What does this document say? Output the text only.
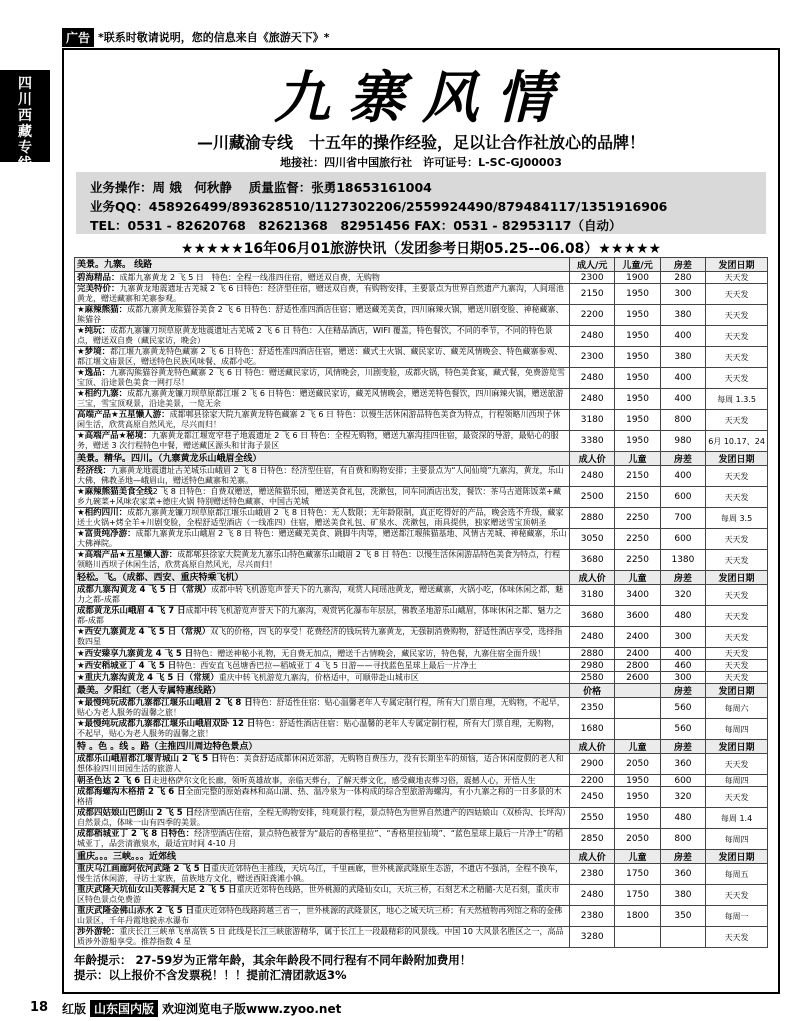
广告 *联系时敬请说明，您的信息来自《旅游天下》*
四
川
西
藏
专
线
九寨风情
—川藏渝专线　十五年的操作经验，足以让合作社放心的品牌！
地接社：四川省中国旅行社　许可证号：L-SC-GJ00003
业务操作：周 娥　何秋静　 质量监督：张勇18653161004
业务QQ：458926499/893628510/1127302206/2559924490/879484117/1351916906
TEL：0531 - 82620768　82621368　82951456 FAX：0531 - 82953117（自动）
★★★★★16年06月01旅游快讯（发团参考日期05.25--06.08）★★★★★
美景。九寨。 线路	成人/元	儿童/元	房差	发团日期
碧海精品：成都九寨黄龙 2 飞 5 日　特色：全程一线准四住宿，赠送双自费，无购物	2300	1900	280	天天发
完美特价：九寨黄龙地震遗址古羌城 2 飞 6 日特色：经济型住宿，赠送双自费，有购物安排，主要景点为世界自然遗产九寨沟，人间瑶池黄龙，赠送藏寨和羌寨参观。	2150	1950	300	天天发
★麻辣熊猫：成都九寨黄龙熊猫谷美食 2 飞 6 日特色：舒适性准四酒店住宿；赠送藏羌美食，四川麻辣火锅，赠送川剧变脸、神秘藏寨、熊猫谷	2200	1950	380	天天发
★纯玩：成都九寨镰刀坝草原黄龙地震遗址古羌城 2 飞 6 日 特色：入住精品酒店，WIFI 覆盖，特色餐饮，不同的季节，不同的特色景点，赠送双自费（藏民家访，晚会）	2480	1950	400	天天发
★梦境：都江堰九寨黄龙特色藏寨 2 飞 6 日特色：舒适性准四酒店住宿，赠送：藏式土火锅、藏民家访、藏羌风情晚会、特色藏寨参观、都江堰文庙景区，赠送特色民族风味餐、成都小吃。	2300	1950	380	天天发
★逸品：九寨沟熊猫谷黄龙特色藏寨 2 飞 6 日 特色：赠送藏民家访，风情晚会，川剧变脸，成都火锅，特色美食宴，藏式餐，免费游览雪宝顶、沿途景色美食一网打尽！	2480	1950	400	天天发
★相约九寨：成都九寨黄龙镰刀坝草原都江堰 2 飞 6 日特色：赠送藏民家访，藏羌风情晚会，赠送羌特色餐饮，四川麻辣火锅，赠送旅游三宝，雪宝顶观景，沿途美景，一览无余	2480	1950	400	每周 1.3.5
高端产品★五星懒人游：成都郫县徐家大院九寨黄龙特色藏寨 2 飞 6 日 特色：以慢生活休闲游品特色美食为特点，行程领略川西坝子休闲生活，欣赏高原自然风光，尽兴而归！	3180	1950	800	天天发
★高端产品★秘境：九寨黄龙都江堰宽窄巷子地震遗址 2 飞 6 日 特色：全程无购物，赠送九寨沟挂四住宿，最资深的导游，最贴心的服务，赠送 3 次行程特色中餐，赠送藏区源头和甘海子景区	3380	1950	980	6月 10.17、24
美景。精华。四川。（九寨黄龙乐山峨眉全线）	成人价	儿童	房差	发团日期
经济线：九寨黄龙地震遗址古羌城乐山峨眉 2 飞 8 日特色：经济型住宿，有自费和购物安排；主要景点为“人间仙境”九寨沟，黄龙，乐山大佛，佛教圣地—峨眉山，赠送特色藏寨和羌寨。	2480	2150	400	天天发
★麻辣熊猫美食全线2 飞 8 日特色：自费双赠送，赠送熊猫乐园，赠送美食礼包，洗漱包，同车同酒店出发，餐饮：茶马古道陈饭菜+藏乡九碗菜+风味农家菜+德庄火锅 特别赠送特色藏寨、中国古羌城	2500	2150	600	天天发
★相约四川：成都九寨黄龙镰刀坝草原都江堰乐山峨眉 2 飞 8 日特色：无人数限；无年龄限制，真正吃得好的产品，晚会选不升级，藏家送土火锅+烤全羊+川剧变脸，全程舒适型酒店（一线准四）住宿，赠送美食礼包、矿泉水、洗漱包，雨具提供，独家赠送雪宝顶朝圣	2880	2250	700	每周 3.5
★富贵纯净游：成都九寨黄龙乐山峨眉 2 飞 8 日 特色：赠送藏羌美食、跳脚牛肉等，赠送都江堰熊猫基地、风情古羌城、神秘藏寨，乐山大佛禅院。	3050	2250	600	天天发
★高端产品★五星懒人游：成都郫县徐家大院黄龙九寨乐山特色藏寨乐山峨眉 2 飞 8 日 特色：以慢生活休闲游品特色美食为特点，行程领略川西坝子休闲生活，欣赏高原自然风光，尽兴而归！	3680	2250	1380	天天发
轻松。飞。（成都、西安、重庆特乘飞机）	成人价	儿童	房差	发团日期
成都九寨沟黄龙 4 飞 5 日（常规）成都中转飞机游览声誉天下的九寨沟，观赏人间瑶池黄龙，赠送藏寨，火锅小吃，体味休闲之都，魅力之都-成都	3180	3400	320	天天发
成都黄龙乐山峨眉 4 飞 7 日成都中转飞机游览声誉天下的九寨沟，观赏钙化瀑布年层层，佛教圣地游乐山峨眉，体味休闲之都、魅力之都-成都	3680	3600	480	天天发
★西安九寨黄龙 4 飞 5 日（常规）双飞的价格，四飞的享受！花费经济的钱玩转九寨黄龙，无强制消费购物，舒适性酒店享受，选择指数四星	2480	2400	300	天天发
★西安臻享九寨黄龙 4 飞 5 日特色：赠送神秘小礼物，无自费无加点，赠送千古情晚会，藏民家访，特色餐，九寨住宿全面升级！	2880	2400	400	天天发
★西安稻城亚丁 4 飞 5 日特色：西安直飞邑塘香巴拉—稻城亚丁 4 飞 5 日游——寻找蓝色星球上最后一片净土	2980	2800	460	天天发
★重庆九寨沟黄龙 4 飞 5 日（常规）重庆中转飞机游览九寨沟，价格适中，可顺带赴山城市区	2580	2600	300	天天发
最美。夕阳红（老人专属特惠线路）	价格		房差	发团日期
★最慢纯玩成都九寨都江堰乐山峨眉 2 飞 8 日特色：舒适性住宿：贴心温馨老年人专属定制行程，所有大门票自理，无购物，不起早，贴心为老人服务的温馨之旅！	2350		560	每周六
★最慢纯玩成都九寨都江堰乐山峨眉双卧 12 日特色：舒适性酒店住宿：贴心温馨的老年人专属定制行程，所有大门票自理，无购物，不起早，贴心为老人服务的温馨之旅！	1680		560	每周四
特 。色 。线 。路（主推四川周边特色景点）	成人价	儿童	房差	发团日期
成都乐山峨眉都江堰青城山 2 飞 5 日特色：美食舒适成都休闲近郊游，无购物自费压力，没有长期坐车的烦恼，适合休闲度假的老人和想体验四川田园生活的旅游人	2900	2050	360	天天发
朝圣色达 2 飞 6 日走进格萨尔文化长廊，领听英雄故事，亲临天葬台，了解天葬文化，感受藏地丧葬习俗，震撼人心，开悟人生	2200	1950	600	每周四
成都海螺沟木格措 2 飞 6 日全面完整的原始森林和高山湖、热、温冷泉为一体构成的综合型旅游海螺沟，有小九寨之称的一日多景的木格措	2450	1950	320	天天发
成都四姑娘山巴朗山 2 飞 5 日经济型酒店住宿，全程无购物安排，纯观景行程，景点特色为世界自然遗产的四姑娘山（双桥沟、长坪沟）自然景点，体味一山有四季的美景。	2550	1950	480	每周 1.4
成都稻城亚丁 2 飞 8 日特色：经济型酒店住宿，景点特色被誉为“最后的香格里拉”、“香格里拉仙境”、“蓝色星球上最后一片净土”的稻城亚丁，品尝清澈泉水，最适宜时间 4-10 月	2850	2050	800	每周四
重庆。。。三峡。。。近郊线	成人价	儿童	房差	发团日期
重庆乌江画廊阿依河武隆 2 飞 5 日重庆近郊特色主推线，天坑乌江，千里画廊，世外桃源武隆原生态游，不遗店不强消，全程不换车，慢生活休闲游，寻访土家族，苗族地方文化，赠送酉阳龚滩小镇。	2380	1750	360	每周五
重庆武隆天坑仙女山芙蓉洞大足 2 飞 5 日重庆近郊特色线路，世外桃源的武隆仙女山，天坑三桥，石刻艺术之精髓-大足石刻，重庆市区特色景点免费游	2480	1750	380	天天发
重庆武隆金佛山赤水 2 飞 5 日重庆近郊特色线路跨越三省一，世外桃源的武隆景区，地心之城天坑三桥；有天然植物再列馆之称的金佛山景区，千年丹霞地貌赤水瀑布	2380	1800	350	每周一
涉外游轮：重庆长江三峡单飞单高铁 5 日 此线是长江三峡旅游精华，属于长江上一段最精彩的风景线。中国 10 大风景名胜区之一，高品质涉外游船享受。推荐指数 4 星	3280			天天发
年龄提示： 27-59岁为正常年龄，其余年龄段不同行程有不同年龄附加费用！
提示：以上报价不含发票税！！！提前汇清团款返3%
18 红版 山东国内版 欢迎浏览电子版www.zyoo.net
